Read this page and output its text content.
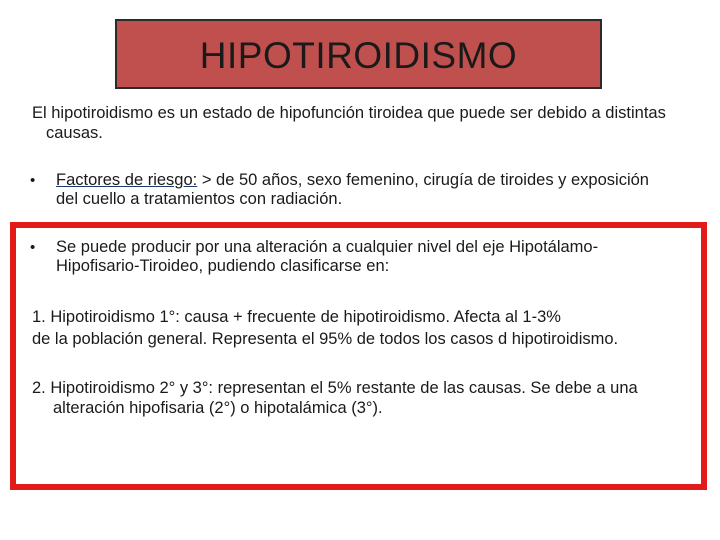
HIPOTIROIDISMO
El hipotiroidismo es un estado de hipofunción tiroidea que puede ser debido a distintas causas.
•	Factores de riesgo: > de 50 años, sexo femenino, cirugía de tiroides y exposición del cuello a tratamientos con radiación.
•	Se puede producir por una alteración a cualquier nivel del eje Hipotálamo-Hipofisario-Tiroideo, pudiendo clasificarse en:
1. Hipotiroidismo 1°: causa + frecuente de hipotiroidismo. Afecta al 1-3%
de la población general. Representa el 95% de todos los casos d hipotiroidismo.
2. Hipotiroidismo 2° y 3°: representan el 5% restante de las causas. Se debe a una alteración hipofisaria (2°) o hipotalámica (3°).
